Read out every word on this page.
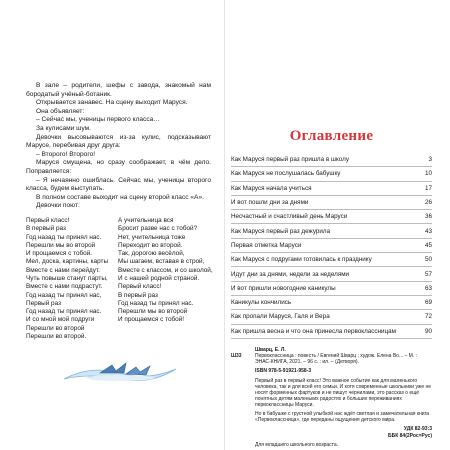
В зале – родители, шефы с завода, знакомый нам бородатый учёный-ботаник.

Открывается занавес. На сцену выходит Маруся.

Она объявляет:

– Сейчас мы, ученицы первого класса…

За кулисами шум.

Девочки высовываются из-за кулис, подсказывают Марусе, перебивая друг друга:

– Второго! Второго!

Маруся смущена, но сразу соображает, в чём дело. Поправляется:

– Я нечаянно ошиблась. Сейчас мы, ученицы второго класса, будем выступать.

В полном составе выходит на сцену второй класс «А».

Девочки поют:

Первый класс!
В первый раз
Год назад ты принял нас.
Перешли мы во второй
И прощаемся с тобой.
Мел, доска, картины, карты
Вместе с нами перейдут.
Чуть повыше станут парты,
Вместе с нами подрастут.
Год назад ты принял нас,
Первый раз
Год назад ты принял нас.
И со мной мой подруги
Перешли во второй
Перешли во второй.
А учительница вся
Бросит разве нас с тобой?
Нет, учительница тоже
Переходит во второй.
Так, дорогою весёлой,
Мы шагаем, вставая в строй,
Вместе с классом, и со школой,
И с нашей родной страной.
Первый класс!
В первый раз
Год назад ты принял нас.
Перешли мы во второй
И прощаемся с тобой!
Оглавление
Как Маруся первый раз пришла в школу	3
Как Маруся не послушалась бабушку	10
Как Маруся начала учиться	17
И вот пошли дни за днями	26
Несчастный и счастливый день Маруси	36
Как Маруся первый раз дежурила	43
Первая отметка Маруси	45
Как Маруся с подругами готовилась к празднику	50
Идут дни за днями, недели за неделями	57
И вот пришли новогодние каникулы	63
Каникулы кончились	69
Как пропали Маруся, Галя и Вера	72
Как пришла весна и что она принесла первоклассницам	90
Шварц, Е. Л.
Ш33	Первоклассница : повесть / Евгений Шварц ; худож. Елена Во... – М. : ЭНАС-КНИГА, 2021. – 96 с. : ил. – (Детворя).
ISBN 978-5-91921-958-3
Первый раз в первый класс! Это важное событие как для маленького человека, так и для всей его семьи. И хотя современные школьники уже не носят форменных фартуков и не пишут чернилами, это рассказ о ещё понятных детям маленьких радостях и больших переживаниях первоклассницы Маруси.
Но в бабушке с грустной улыбкой нас ждёт светлая и замечательная книга «Первоклассница», где переданы ощущения детского мира.
УДК 82-93:3
ББК 84(2Рос=Рус)
Для младшего школьного возраста.
